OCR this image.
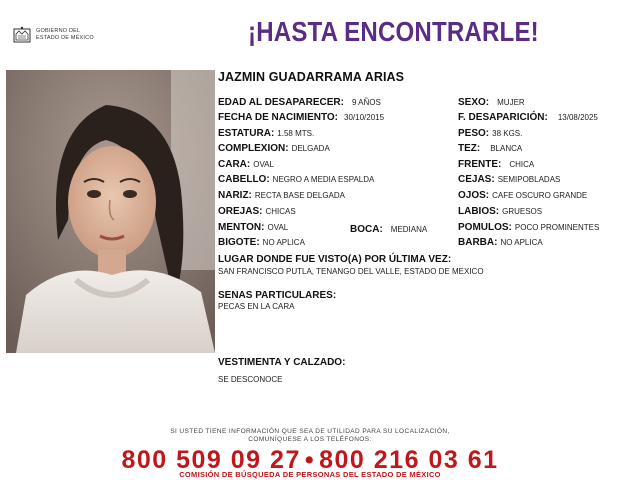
GOBIERNO DEL
ESTADO DE MÉXICO	¡HASTA ENCONTRARLE!
JAZMIN GUADARRAMA ARIAS
EDAD AL DESAPARECER: 9 AÑOS
FECHA DE NACIMIENTO: 30/10/2015
ESTATURA: 1.58 MTS.
COMPLEXION: DELGADA
CARA: OVAL
CABELLO: NEGRO A MEDIA ESPALDA
NARIZ: RECTA BASE DELGADA
OREJAS: CHICAS
MENTON: OVAL	BOCA: MEDIANA
BIGOTE: NO APLICA
SEXO: MUJER
F. DESAPARICIÓN: 13/08/2025
PESO: 38 KGS.
TEZ: BLANCA
FRENTE: CHICA
CEJAS: SEMIPOBLADAS
OJOS: CAFE OSCURO GRANDE
LABIOS: GRUESOS
POMULOS: POCO PROMINENTES
BARBA: NO APLICA
LUGAR DONDE FUE VISTO(A) POR ÚLTIMA VEZ:
SAN FRANCISCO PUTLA, TENANGO DEL VALLE, ESTADO DE MEXICO
SENAS PARTICULARES:
PECAS EN LA CARA
VESTIMENTA Y CALZADO:
SE DESCONOCE
SI USTED TIENE INFORMACIÓN QUE SEA DE UTILIDAD PARA SU LOCALIZACIÓN,
COMUNÍQUESE A LOS TELÉFONOS:
800 509 09 27 • 800 216 03 61
COMISIÓN DE BÚSQUEDA DE PERSONAS DEL ESTADO DE MÉXICO
